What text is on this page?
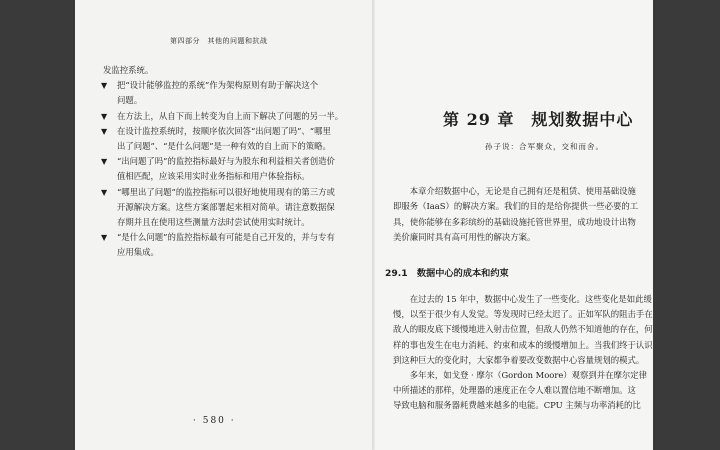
第四部分　其他的问题和抗战
发监控系统。
▼ 把“设计能够监控的系统”作为架构原则有助于解决这个
问题。
▼ 在方法上，从自下而上转变为自上而下解决了问题的另一半。
▼ 在设计监控系统时，按顺序依次回答“出问题了吗”、“哪里
出了问题”、“是什么问题”是一种有效的自上而下的策略。
▼ “出问题了吗”的监控指标最好与为股东和利益相关者创造价
值相匹配，应该采用实时业务指标和用户体验指标。
▼ “哪里出了问题”的监控指标可以很好地使用现有的第三方或
开源解决方案。这些方案部署起来相对简单。请注意数据保
存期并且在使用这些测量方法时尝试使用实时统计。
▼ “是什么问题”的监控指标最有可能是自己开发的，并与专有
应用集成。
· 580 ·
第 29 章　规划数据中心
孙子说：合军聚众，交和而舍。
　　本章介绍数据中心，无论是自己拥有还是租赁、使用基础设施
即服务（IaaS）的解决方案。我们的目的是给你提供一些必要的工
具，使你能够在多彩缤纷的基础设施托管世界里，成功地设计出物
美价廉同时具有高可用性的解决方案。
29.1　数据中心的成本和约束
　　在过去的 15 年中，数据中心发生了一些变化。这些变化是如此缓
慢，以至于很少有人发觉。等发现时已经太迟了。正如军队的阻击手在
敌人的眼皮底下缓慢地进入射击位置，但敌人仍然不知道他的存在，何
样的事也发生在电力消耗、约束和成本的缓慢增加上。当我们终于认识
到这种巨大的变化时，大家都争着要改变数据中心容量规划的模式。
　　多年来，如戈登 · 摩尔（Gordon Moore）观察到并在摩尔定律
中所描述的那样，处理器的速度正在令人难以置信地不断增加。这
导致电脑和服务器耗费越来越多的电能。CPU 主频与功率消耗的比
